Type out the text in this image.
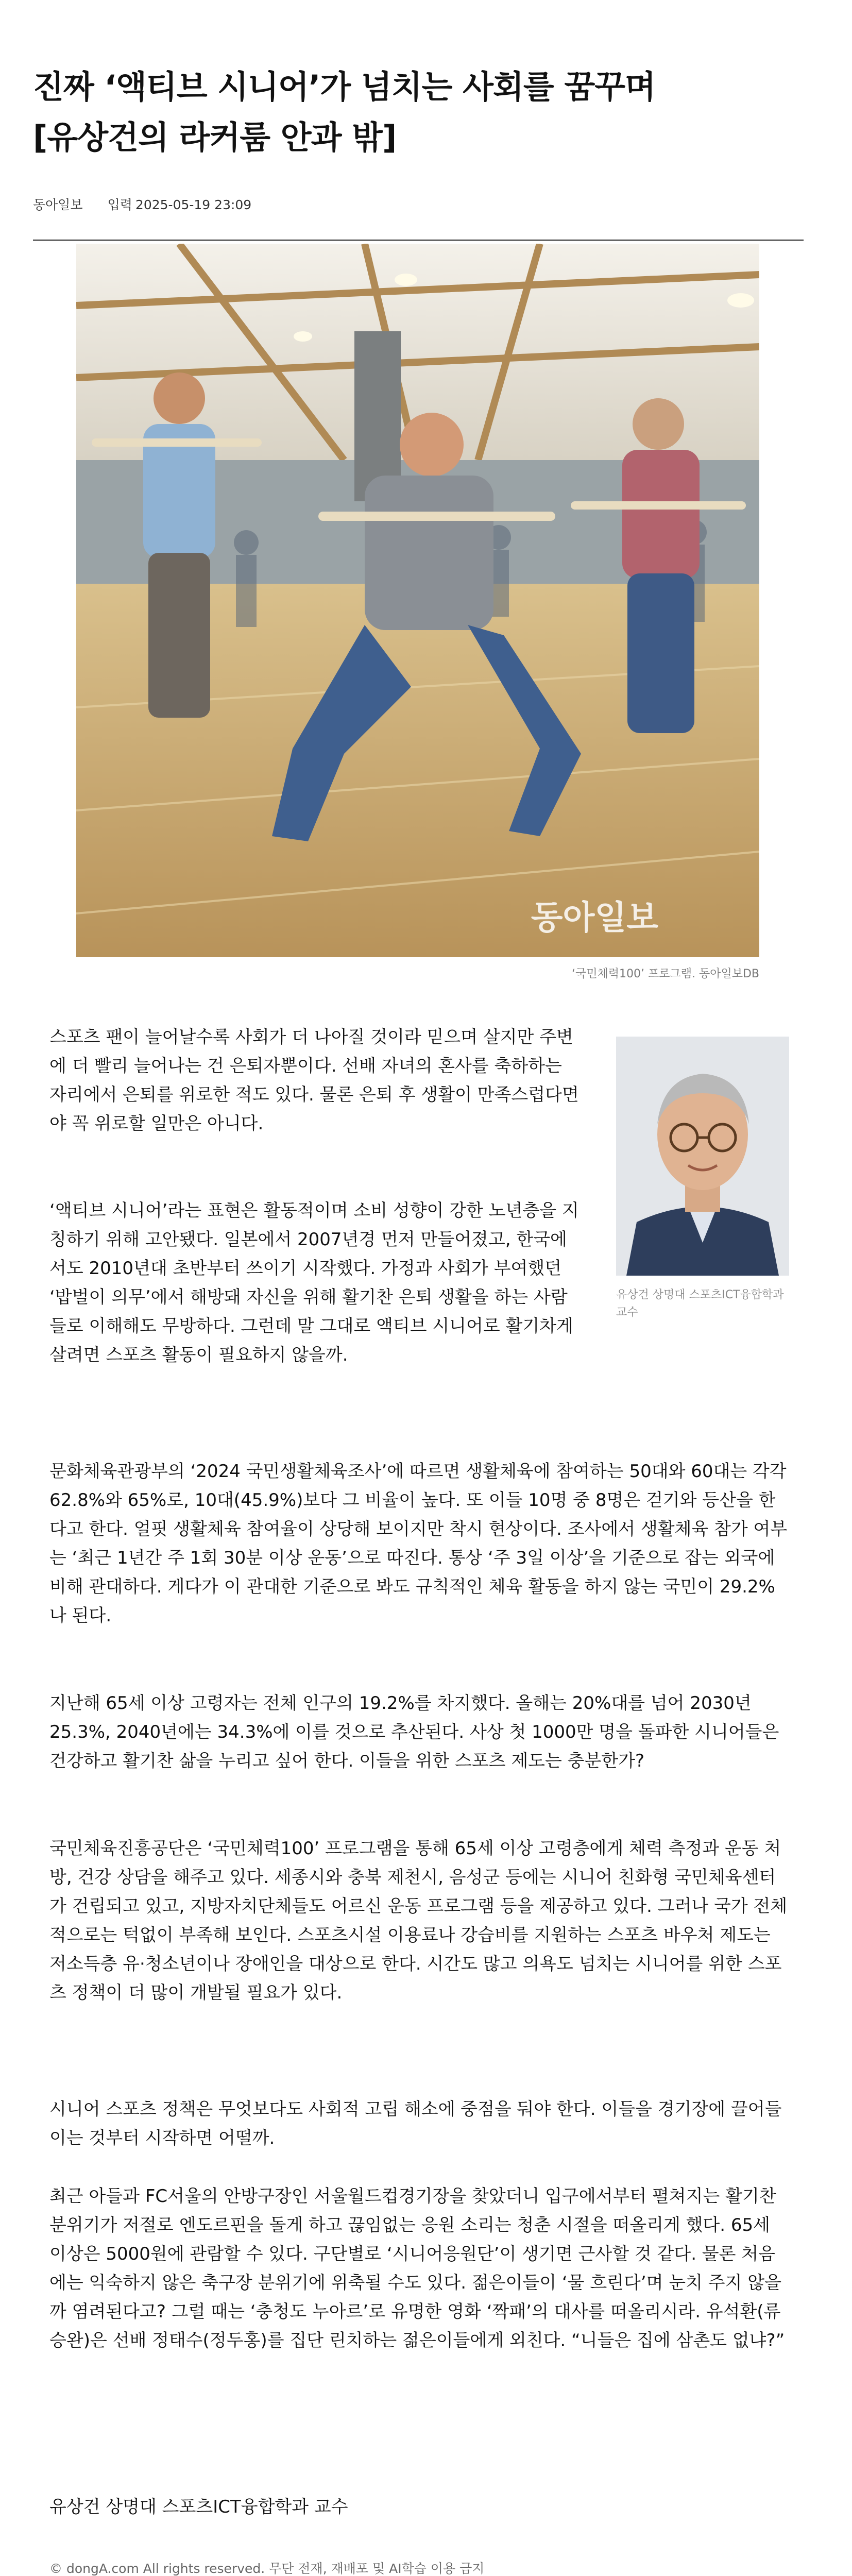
진짜 ‘액티브 시니어’가 넘치는 사회를 꿈꾸며
[유상건의 라커룸 안과 밖]
동아일보 입력 2025-05-19 23:09
동아일보
‘국민체력100’ 프로그램. 동아일보DB

스포츠 팬이 늘어날수록 사회가 더 나아질 것이라 믿으며 살지만 주변에 더 빨리 늘어나는 건 은퇴자뿐이다. 선배 자녀의 혼사를 축하하는 자리에서 은퇴를 위로한 적도 있다. 물론 은퇴 후 생활이 만족스럽다면야 꼭 위로할 일만은 아니다.

유상건 상명대 스포츠ICT융합학과 교수

‘액티브 시니어’라는 표현은 활동적이며 소비 성향이 강한 노년층을 지칭하기 위해 고안됐다. 일본에서 2007년경 먼저 만들어졌고, 한국에서도 2010년대 초반부터 쓰이기 시작했다. 가정과 사회가 부여했던 ‘밥벌이 의무’에서 해방돼 자신을 위해 활기찬 은퇴 생활을 하는 사람들로 이해해도 무방하다. 그런데 말 그대로 액티브 시니어로 활기차게 살려면 스포츠 활동이 필요하지 않을까.

문화체육관광부의 ‘2024 국민생활체육조사’에 따르면 생활체육에 참여하는 50대와 60대는 각각 62.8%와 65%로, 10대(45.9%)보다 그 비율이 높다. 또 이들 10명 중 8명은 걷기와 등산을 한다고 한다. 얼핏 생활체육 참여율이 상당해 보이지만 착시 현상이다. 조사에서 생활체육 참가 여부는 ‘최근 1년간 주 1회 30분 이상 운동’으로 따진다. 통상 ‘주 3일 이상’을 기준으로 잡는 외국에 비해 관대하다. 게다가 이 관대한 기준으로 봐도 규칙적인 체육 활동을 하지 않는 국민이 29.2%나 된다.

지난해 65세 이상 고령자는 전체 인구의 19.2%를 차지했다. 올해는 20%대를 넘어 2030년 25.3%, 2040년에는 34.3%에 이를 것으로 추산된다. 사상 첫 1000만 명을 돌파한 시니어들은 건강하고 활기찬 삶을 누리고 싶어 한다. 이들을 위한 스포츠 제도는 충분한가?

국민체육진흥공단은 ‘국민체력100’ 프로그램을 통해 65세 이상 고령층에게 체력 측정과 운동 처방, 건강 상담을 해주고 있다. 세종시와 충북 제천시, 음성군 등에는 시니어 친화형 국민체육센터가 건립되고 있고, 지방자치단체들도 어르신 운동 프로그램 등을 제공하고 있다. 그러나 국가 전체적으로는 턱없이 부족해 보인다. 스포츠시설 이용료나 강습비를 지원하는 스포츠 바우처 제도는 저소득층 유·청소년이나 장애인을 대상으로 한다. 시간도 많고 의욕도 넘치는 시니어를 위한 스포츠 정책이 더 많이 개발될 필요가 있다.

시니어 스포츠 정책은 무엇보다도 사회적 고립 해소에 중점을 둬야 한다. 이들을 경기장에 끌어들이는 것부터 시작하면 어떨까.

최근 아들과 FC서울의 안방구장인 서울월드컵경기장을 찾았더니 입구에서부터 펼쳐지는 활기찬 분위기가 저절로 엔도르핀을 돌게 하고 끊임없는 응원 소리는 청춘 시절을 떠올리게 했다. 65세 이상은 5000원에 관람할 수 있다. 구단별로 ‘시니어응원단’이 생기면 근사할 것 같다. 물론 처음에는 익숙하지 않은 축구장 분위기에 위축될 수도 있다. 젊은이들이 ‘물 흐린다’며 눈치 주지 않을까 염려된다고? 그럴 때는 ‘충청도 누아르’로 유명한 영화 ‘짝패’의 대사를 떠올리시라. 유석환(류승완)은 선배 정태수(정두홍)를 집단 린치하는 젊은이들에게 외친다. “니들은 집에 삼촌도 없냐?”

유상건 상명대 스포츠ICT융합학과 교수
© dongA.com All rights reserved. 무단 전재, 재배포 및 AI학습 이용 금지
